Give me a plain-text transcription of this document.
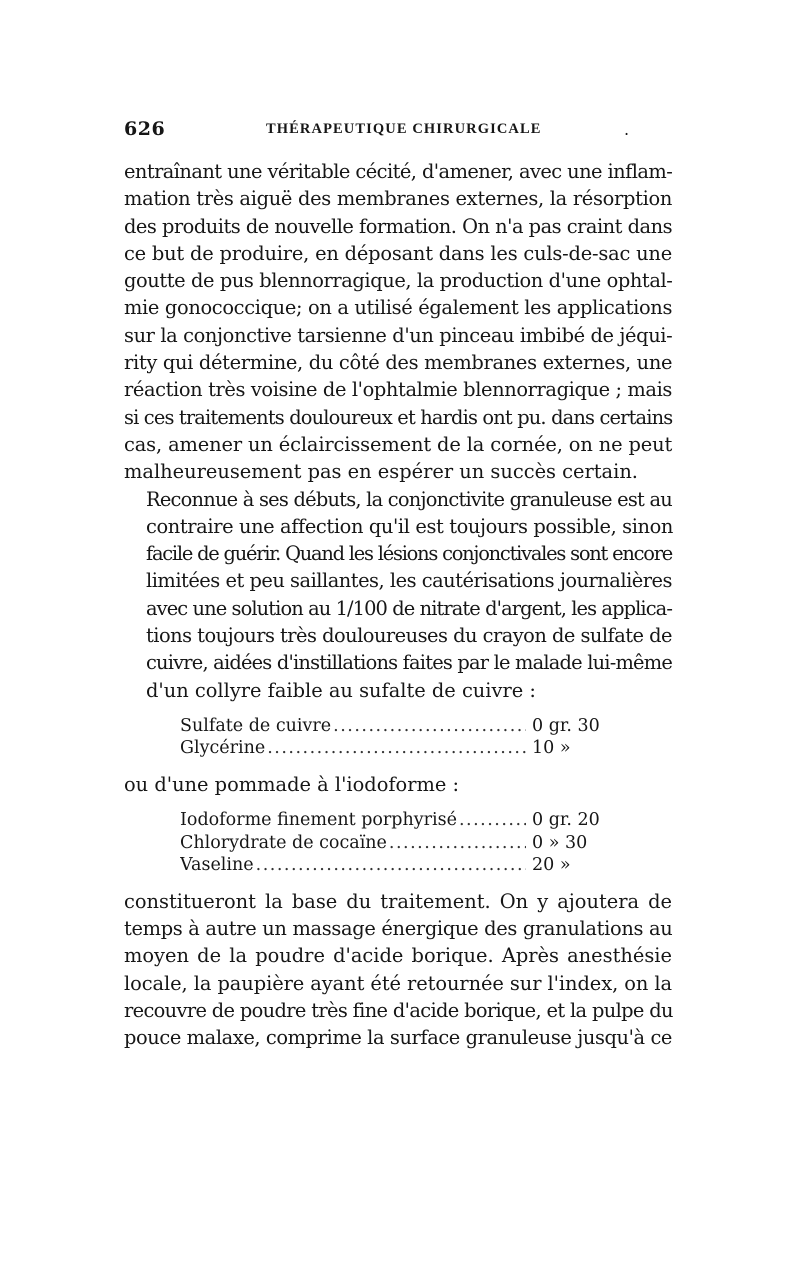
626	THÉRAPEUTIQUE CHIRURGICALE	.

entraînant une véritable cécité, d'amener, avec une inflam-
mation très aiguë des membranes externes, la résorption
des produits de nouvelle formation. On n'a pas craint dans
ce but de produire, en déposant dans les culs-de-sac une
goutte de pus blennorragique, la production d'une ophtal-
mie gonococcique; on a utilisé également les applications
sur la conjonctive tarsienne d'un pinceau imbibé de jéqui-
rity qui détermine, du côté des membranes externes, une
réaction très voisine de l'ophtalmie blennorragique ; mais
si ces traitements douloureux et hardis ont pu. dans certains
cas, amener un éclaircissement de la cornée, on ne peut
malheureusement pas en espérer un succès certain.

Reconnue à ses débuts, la conjonctivite granuleuse est au
contraire une affection qu'il est toujours possible, sinon
facile de guérir. Quand les lésions conjonctivales sont encore
limitées et peu saillantes, les cautérisations journalières
avec une solution au 1/100 de nitrate d'argent, les applica-
tions toujours très douloureuses du crayon de sulfate de
cuivre, aidées d'instillations faites par le malade lui-même
d'un collyre faible au sufalte de cuivre :

Sulfate de cuivre .....	0 gr. 30
Glycérine .....	10 »

ou d'une pommade à l'iodoforme :

Iodoforme finement porphyrisé .....	0 gr. 20
Chlorydrate de cocaïne .....	0 » 30
Vaseline .....	20 »

constitueront la base du traitement. On y ajoutera de
temps à autre un massage énergique des granulations au
moyen de la poudre d'acide borique. Après anesthésie
locale, la paupière ayant été retournée sur l'index, on la
recouvre de poudre très fine d'acide borique, et la pulpe du
pouce malaxe, comprime la surface granuleuse jusqu'à ce
